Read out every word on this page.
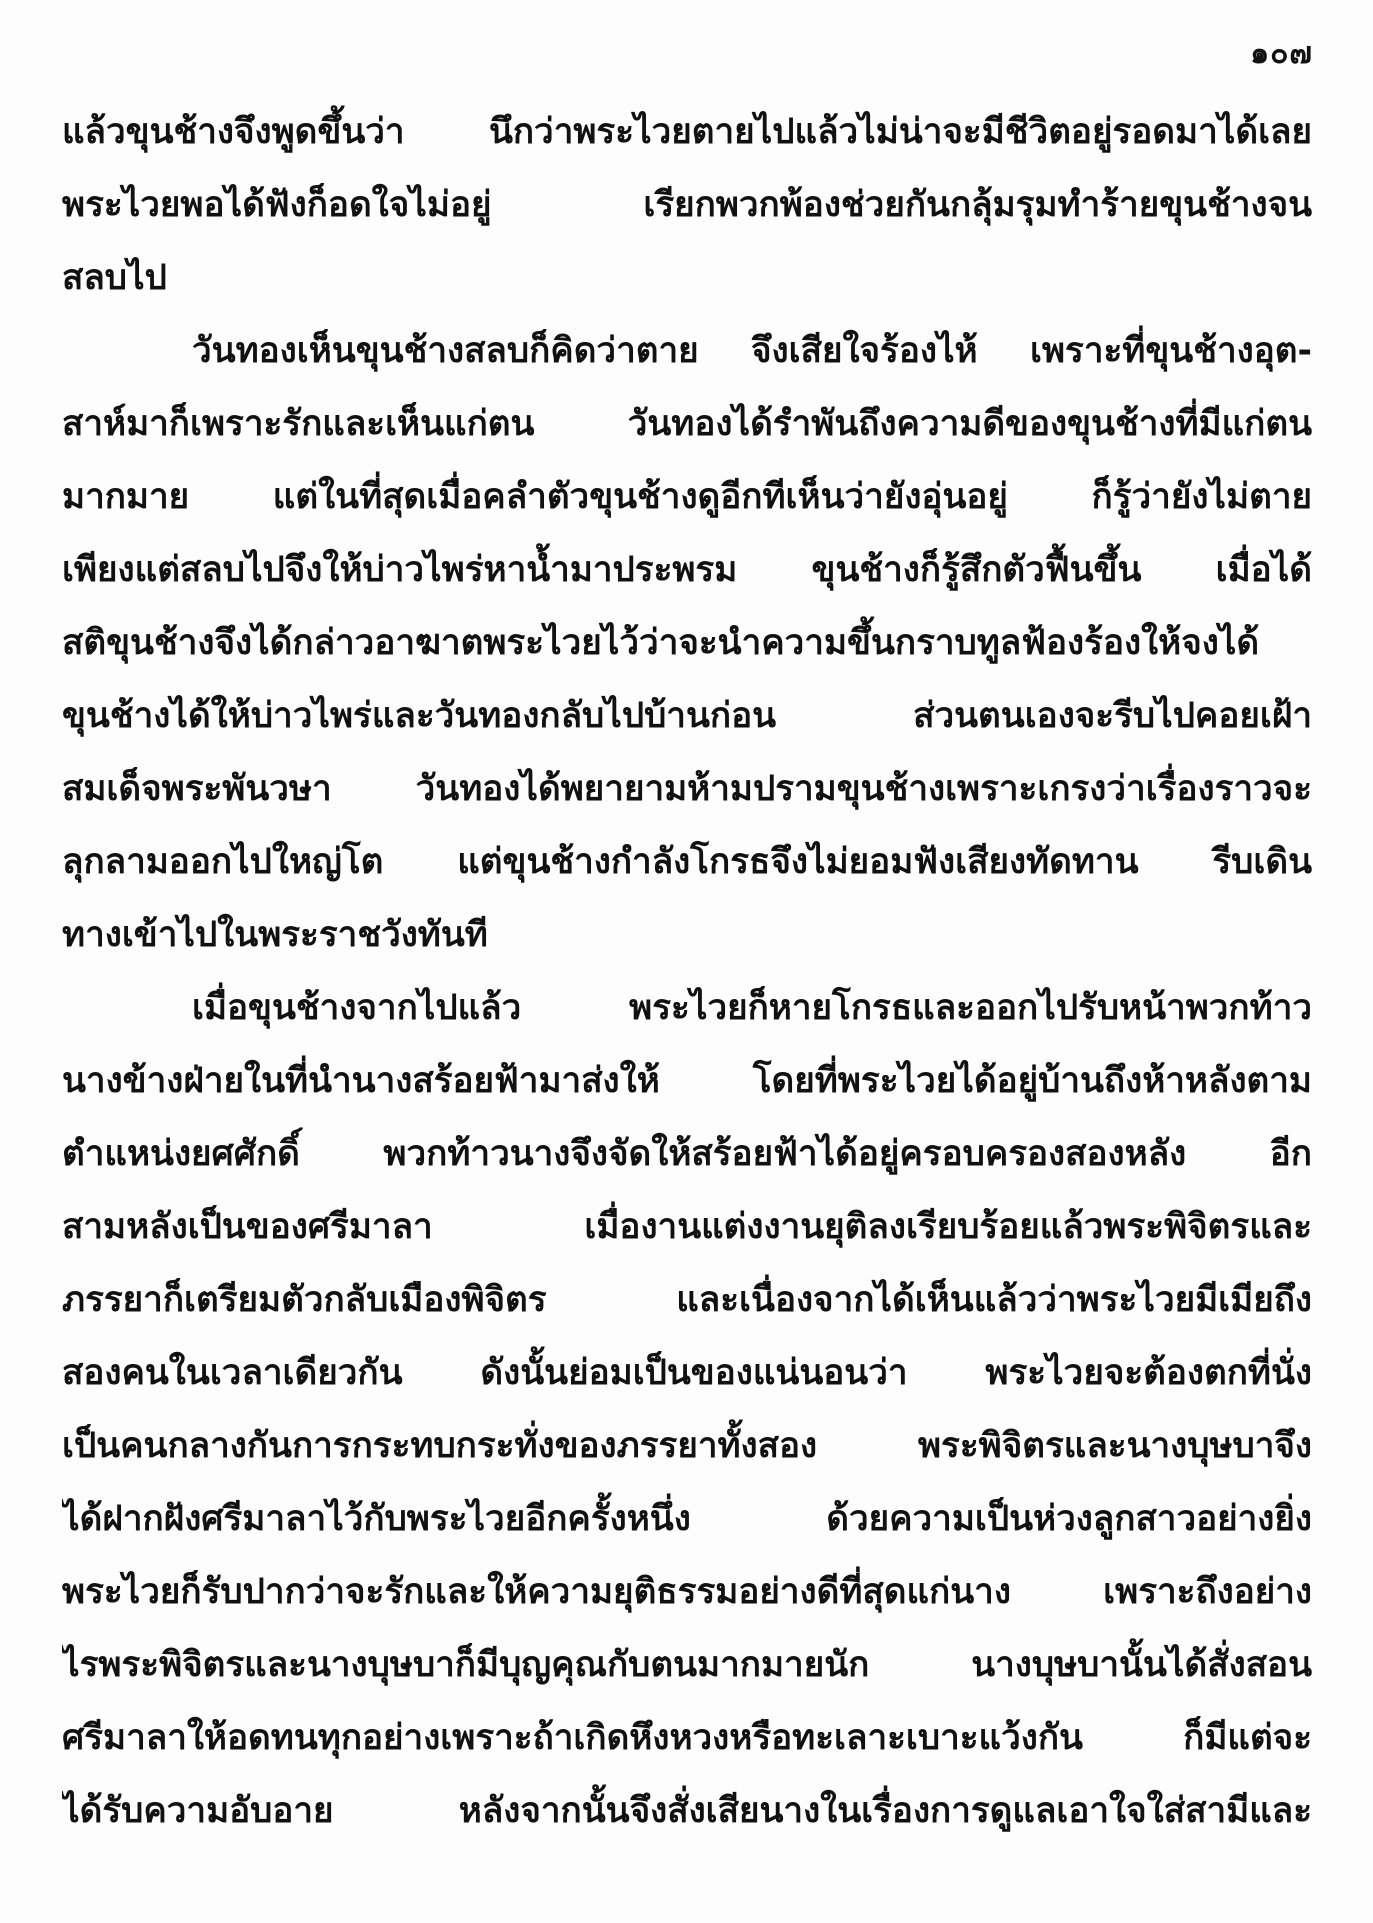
๑๐๗
แล้วขุนช้างจึงพูดขึ้นว่า นึกว่าพระไวยตายไปแล้วไม่น่าจะมีชีวิตอยู่รอดมาได้เลย
พระไวยพอได้ฟังก็อดใจไม่อยู่ เรียกพวกพ้องช่วยกันกลุ้มรุมทำร้ายขุนช้างจน
สลบไป
วันทองเห็นขุนช้างสลบก็คิดว่าตาย จึงเสียใจร้องไห้ เพราะที่ขุนช้างอุต-
สาห์มาก็เพราะรักและเห็นแก่ตน วันทองได้รำพันถึงความดีของขุนช้างที่มีแก่ตน
มากมาย แต่ในที่สุดเมื่อคลำตัวขุนช้างดูอีกทีเห็นว่ายังอุ่นอยู่ ก็รู้ว่ายังไม่ตาย
เพียงแต่สลบไปจึงให้บ่าวไพร่หาน้ำมาประพรม ขุนช้างก็รู้สึกตัวฟื้นขึ้น เมื่อได้
สติขุนช้างจึงได้กล่าวอาฆาตพระไวยไว้ว่าจะนำความขึ้นกราบทูลฟ้องร้องให้จงได้
ขุนช้างได้ให้บ่าวไพร่และวันทองกลับไปบ้านก่อน ส่วนตนเองจะรีบไปคอยเฝ้า
สมเด็จพระพันวษา วันทองได้พยายามห้ามปรามขุนช้างเพราะเกรงว่าเรื่องราวจะ
ลุกลามออกไปใหญ่โต แต่ขุนช้างกำลังโกรธจึงไม่ยอมฟังเสียงทัดทาน รีบเดิน
ทางเข้าไปในพระราชวังทันที
เมื่อขุนช้างจากไปแล้ว พระไวยก็หายโกรธและออกไปรับหน้าพวกท้าว
นางข้างฝ่ายในที่นำนางสร้อยฟ้ามาส่งให้ โดยที่พระไวยได้อยู่บ้านถึงห้าหลังตาม
ตำแหน่งยศศักดิ์ พวกท้าวนางจึงจัดให้สร้อยฟ้าได้อยู่ครอบครองสองหลัง อีก
สามหลังเป็นของศรีมาลา เมื่องานแต่งงานยุติลงเรียบร้อยแล้วพระพิจิตรและ
ภรรยาก็เตรียมตัวกลับเมืองพิจิตร และเนื่องจากได้เห็นแล้วว่าพระไวยมีเมียถึง
สองคนในเวลาเดียวกัน ดังนั้นย่อมเป็นของแน่นอนว่า พระไวยจะต้องตกที่นั่ง
เป็นคนกลางกันการกระทบกระทั่งของภรรยาทั้งสอง พระพิจิตรและนางบุษบาจึง
ได้ฝากฝังศรีมาลาไว้กับพระไวยอีกครั้งหนึ่ง ด้วยความเป็นห่วงลูกสาวอย่างยิ่ง
พระไวยก็รับปากว่าจะรักและให้ความยุติธรรมอย่างดีที่สุดแก่นาง เพราะถึงอย่าง
ไรพระพิจิตรและนางบุษบาก็มีบุญคุณกับตนมากมายนัก นางบุษบานั้นได้สั่งสอน
ศรีมาลาให้อดทนทุกอย่างเพราะถ้าเกิดหึงหวงหรือทะเลาะเบาะแว้งกัน ก็มีแต่จะ
ได้รับความอับอาย หลังจากนั้นจึงสั่งเสียนางในเรื่องการดูแลเอาใจใส่สามีและ
